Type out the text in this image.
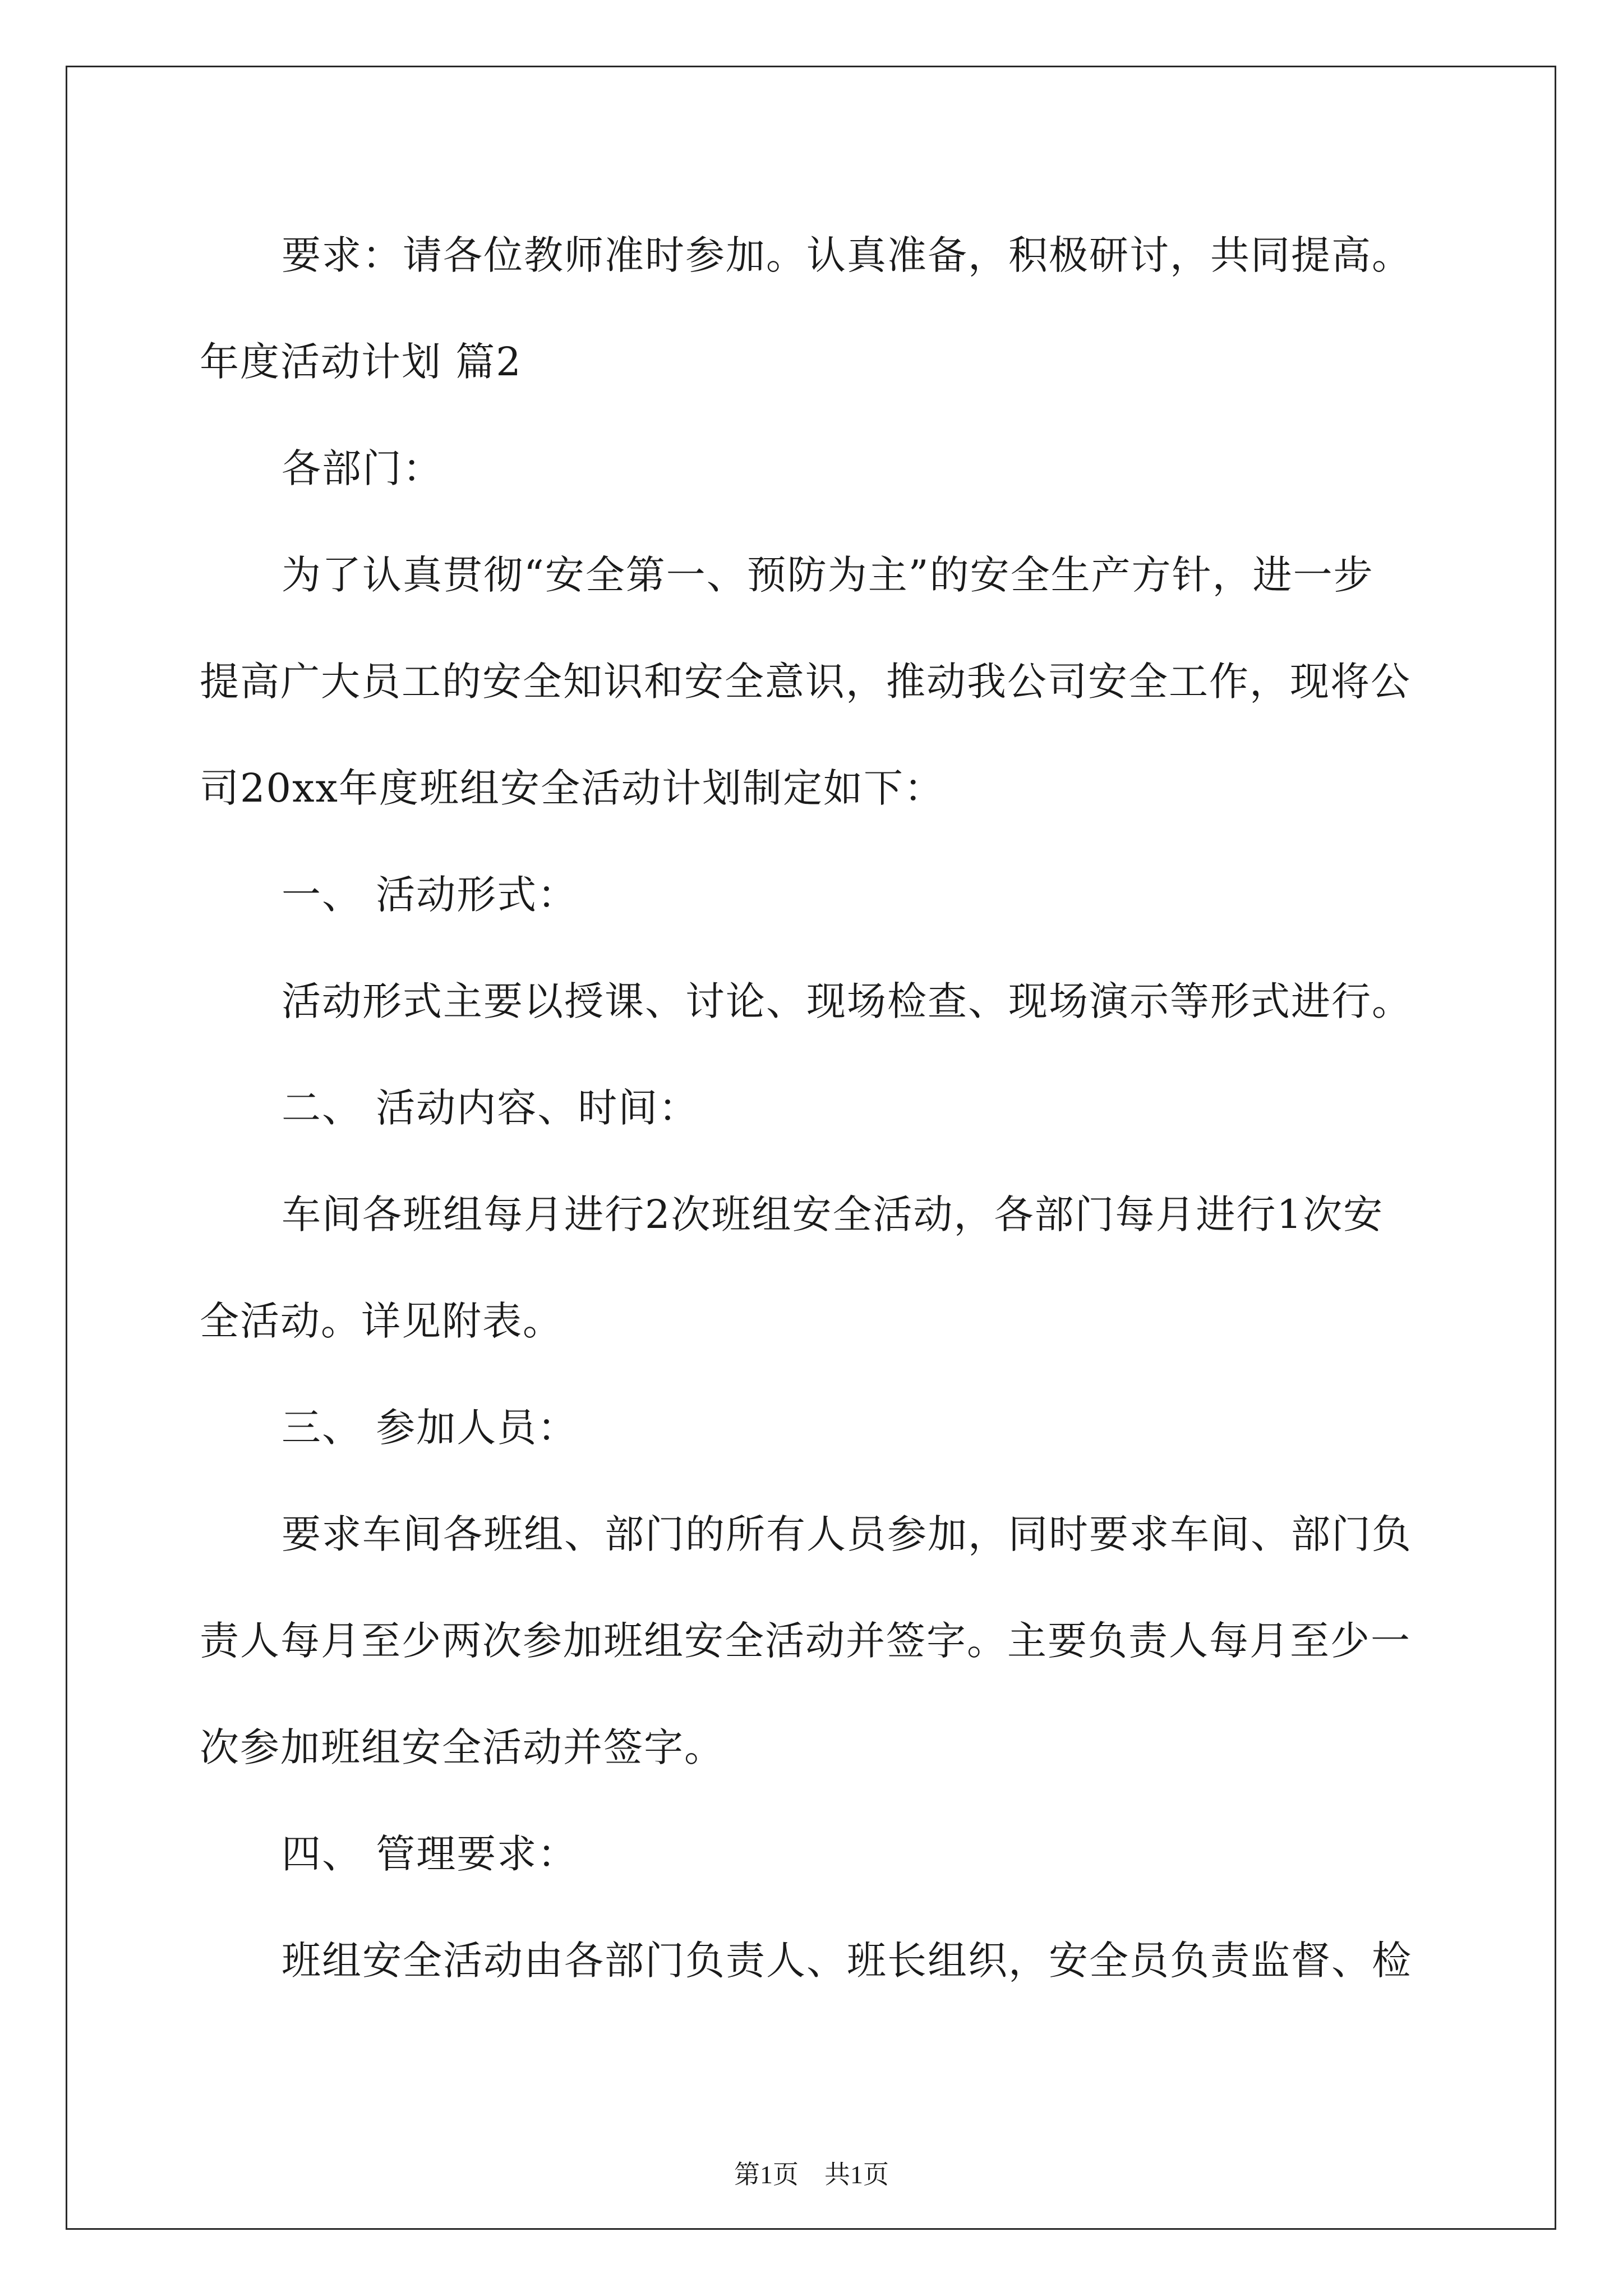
要求：请各位教师准时参加。认真准备，积极研讨，共同提高。
年度活动计划 篇2
各部门：
为了认真贯彻“安全第一、预防为主”的安全生产方针，进一步
提高广大员工的安全知识和安全意识，推动我公司安全工作，现将公
司20xx年度班组安全活动计划制定如下：
一、 活动形式：
活动形式主要以授课、讨论、现场检查、现场演示等形式进行。
二、 活动内容、时间：
车间各班组每月进行2次班组安全活动，各部门每月进行1次安
全活动。详见附表。
三、 参加人员：
要求车间各班组、部门的所有人员参加，同时要求车间、部门负
责人每月至少两次参加班组安全活动并签字。主要负责人每月至少一
次参加班组安全活动并签字。
四、 管理要求：
班组安全活动由各部门负责人、班长组织，安全员负责监督、检
第1页　共1页
